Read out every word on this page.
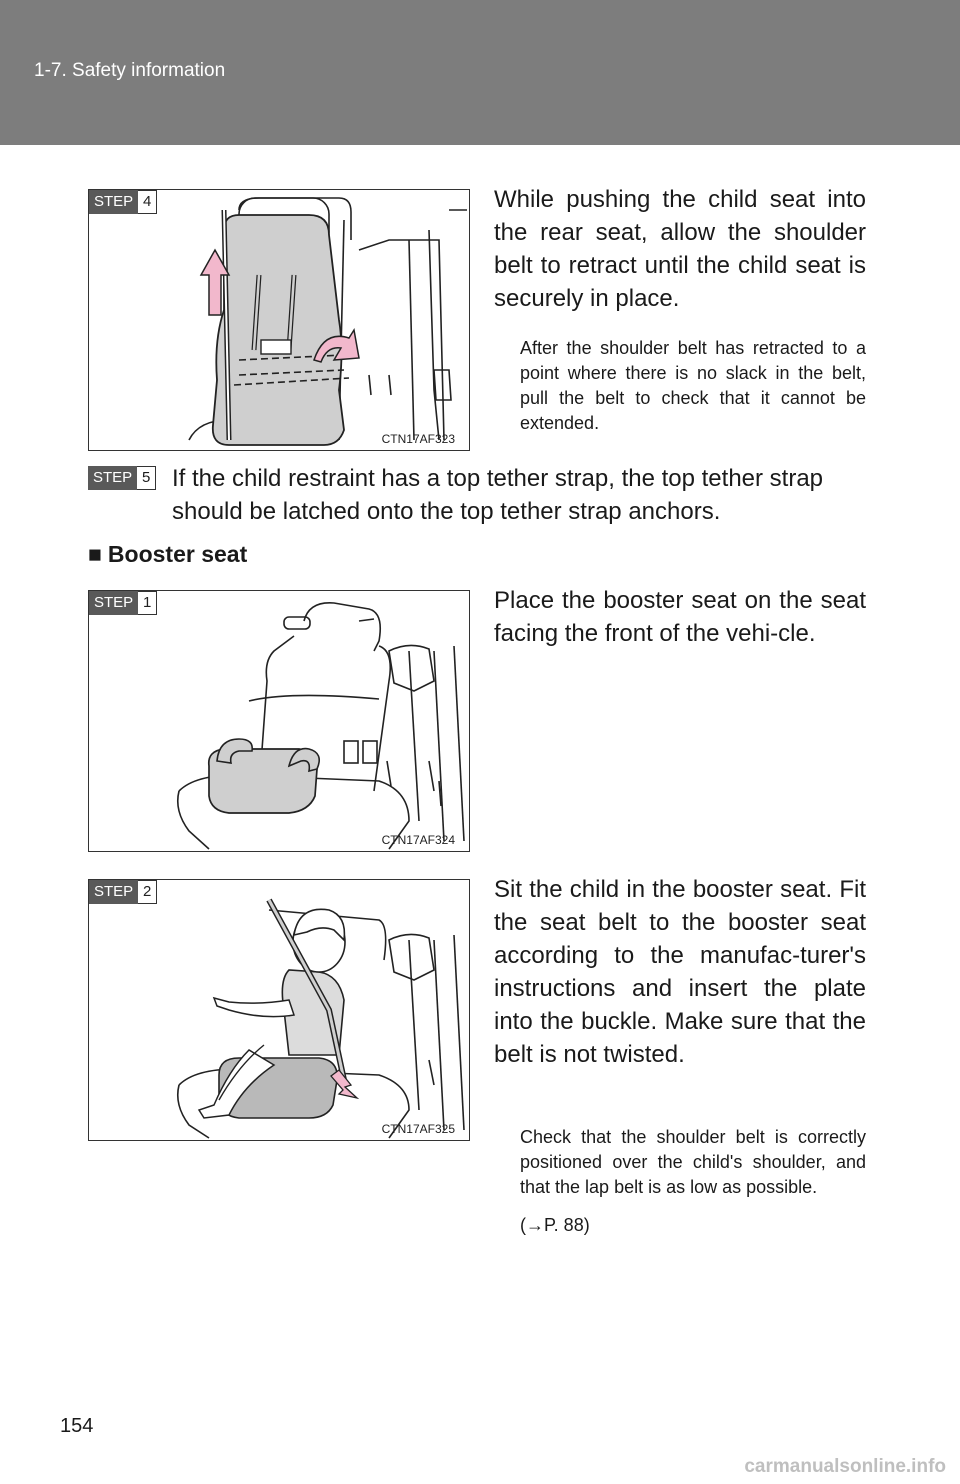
1-7. Safety information
STEP 4
CTN17AF323
While pushing the child seat into the rear seat, allow the shoulder belt to retract until the child seat is securely in place.
After the shoulder belt has retracted to a point where there is no slack in the belt, pull the belt to check that it cannot be extended.
STEP 5 If the child restraint has a top tether strap, the top tether strap should be latched onto the top tether strap anchors.
■ Booster seat
STEP 1
CTN17AF324
Place the booster seat on the seat facing the front of the vehi-cle.
STEP 2
CTN17AF325
Sit the child in the booster seat. Fit the seat belt to the booster seat according to the manufac-turer's instructions and insert the plate into the buckle. Make sure that the belt is not twisted.
Check that the shoulder belt is correctly positioned over the child's shoulder, and that the lap belt is as low as possible.
(→P. 88)
154
carmanualsonline.info
